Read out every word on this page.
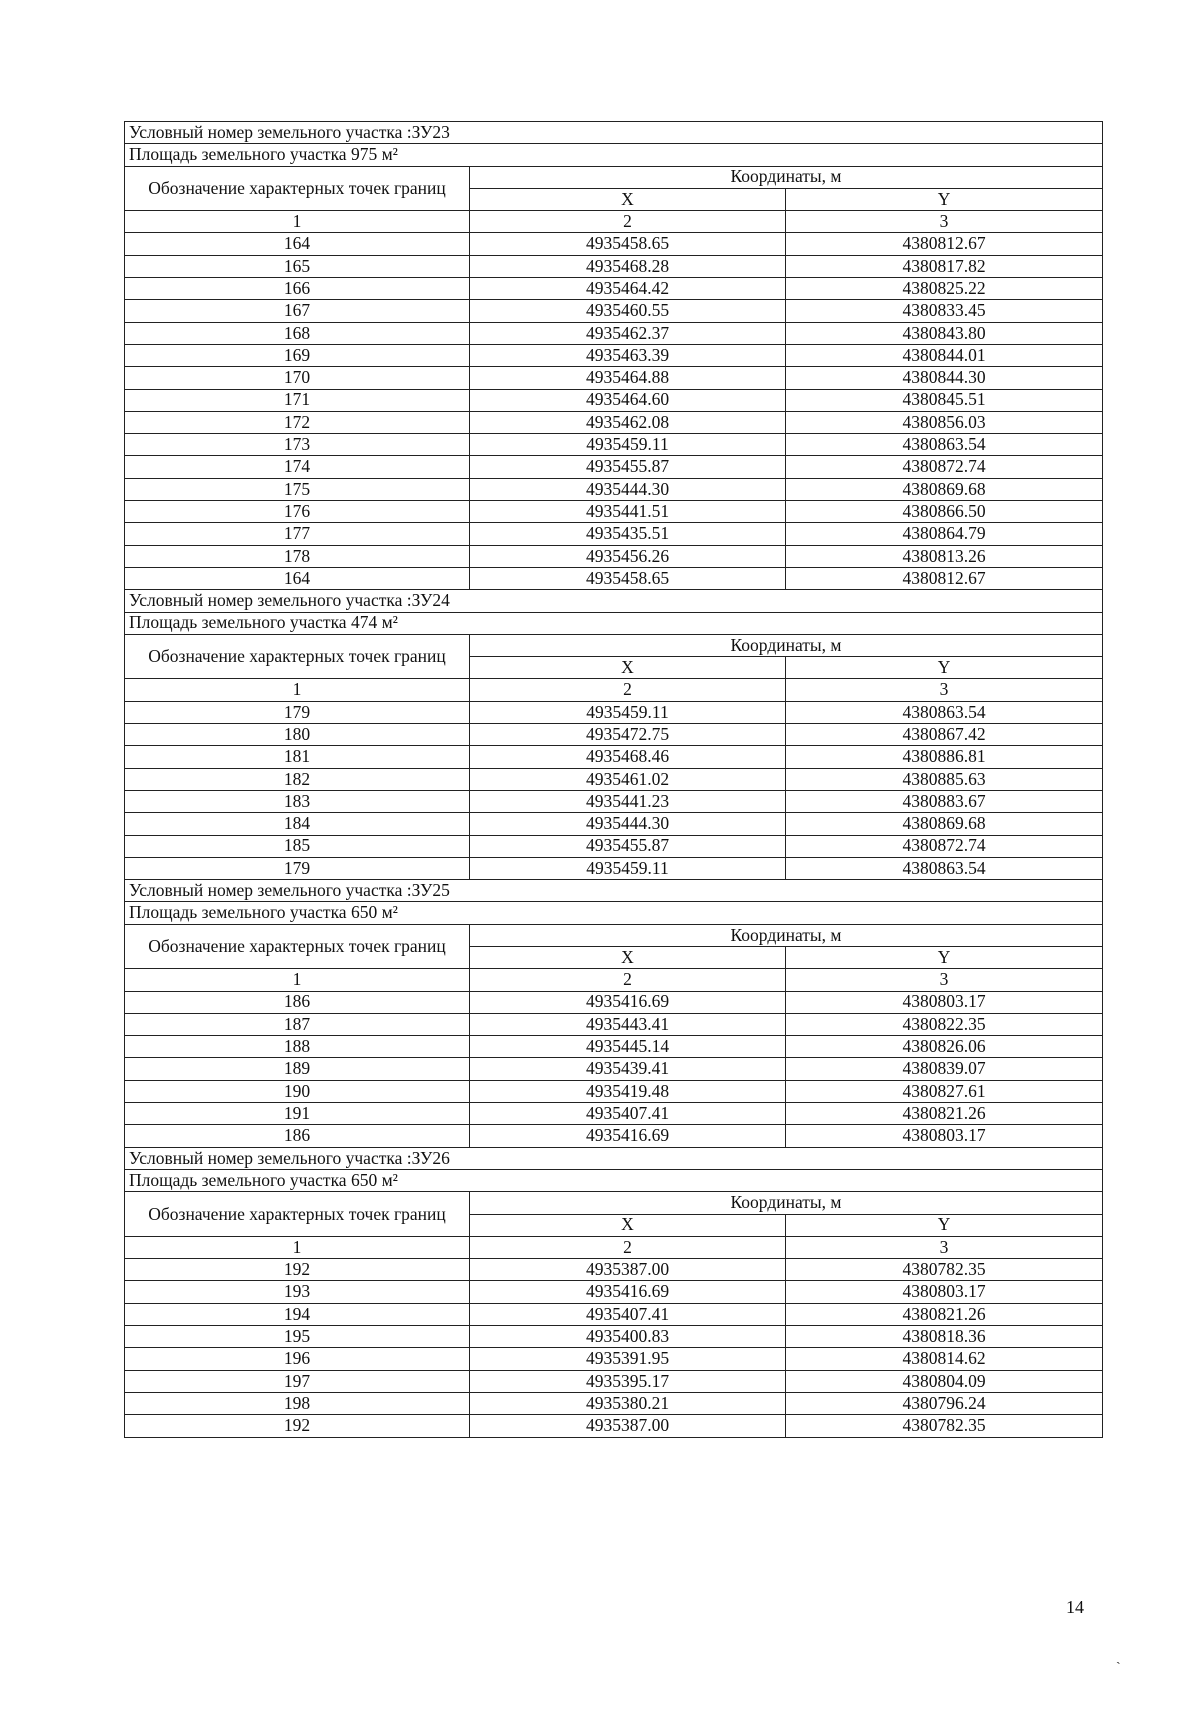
Условный номер земельного участка :ЗУ23		
Площадь земельного участка 975 м²		
Обозначение характерных точек границ	Координаты, м	
	X	Y
1	2	3
164	4935458.65	4380812.67
165	4935468.28	4380817.82
166	4935464.42	4380825.22
167	4935460.55	4380833.45
168	4935462.37	4380843.80
169	4935463.39	4380844.01
170	4935464.88	4380844.30
171	4935464.60	4380845.51
172	4935462.08	4380856.03
173	4935459.11	4380863.54
174	4935455.87	4380872.74
175	4935444.30	4380869.68
176	4935441.51	4380866.50
177	4935435.51	4380864.79
178	4935456.26	4380813.26
164	4935458.65	4380812.67
Условный номер земельного участка :ЗУ24		
Площадь земельного участка 474 м²		
Обозначение характерных точек границ	Координаты, м	
	X	Y
1	2	3
179	4935459.11	4380863.54
180	4935472.75	4380867.42
181	4935468.46	4380886.81
182	4935461.02	4380885.63
183	4935441.23	4380883.67
184	4935444.30	4380869.68
185	4935455.87	4380872.74
179	4935459.11	4380863.54
Условный номер земельного участка :ЗУ25		
Площадь земельного участка 650 м²		
Обозначение характерных точек границ	Координаты, м	
	X	Y
1	2	3
186	4935416.69	4380803.17
187	4935443.41	4380822.35
188	4935445.14	4380826.06
189	4935439.41	4380839.07
190	4935419.48	4380827.61
191	4935407.41	4380821.26
186	4935416.69	4380803.17
Условный номер земельного участка :ЗУ26		
Площадь земельного участка 650 м²		
Обозначение характерных точек границ	Координаты, м	
	X	Y
1	2	3
192	4935387.00	4380782.35
193	4935416.69	4380803.17
194	4935407.41	4380821.26
195	4935400.83	4380818.36
196	4935391.95	4380814.62
197	4935395.17	4380804.09
198	4935380.21	4380796.24
192	4935387.00	4380782.35
14
ˎ
